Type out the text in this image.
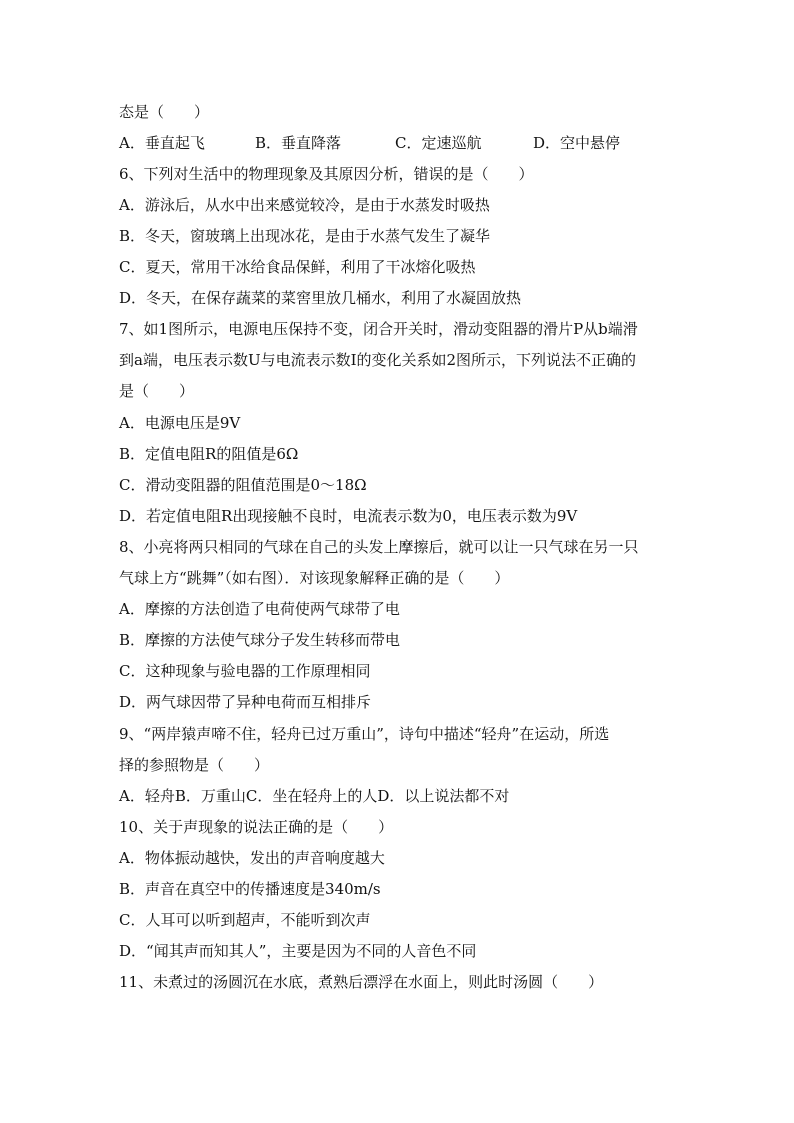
态是（　　）
A．垂直起飞	B．垂直降落	C．定速巡航	D．空中悬停
6、下列对生活中的物理现象及其原因分析，错误的是（　　）
A．游泳后，从水中出来感觉较冷，是由于水蒸发时吸热
B．冬天，窗玻璃上出现冰花，是由于水蒸气发生了凝华
C．夏天，常用干冰给食品保鲜，利用了干冰熔化吸热
D．冬天，在保存蔬菜的菜窖里放几桶水，利用了水凝固放热
7、如1图所示，电源电压保持不变，闭合开关时，滑动变阻器的滑片P从b端滑
到a端，电压表示数U与电流表示数I的变化关系如2图所示，下列说法不正确的
是（　　）
A．电源电压是9V
B．定值电阻R的阻值是6Ω
C．滑动变阻器的阻值范围是0～18Ω
D．若定值电阻R出现接触不良时，电流表示数为0，电压表示数为9V
8、小亮将两只相同的气球在自己的头发上摩擦后，就可以让一只气球在另一只
气球上方“跳舞”（如右图）．对该现象解释正确的是（　　）
A．摩擦的方法创造了电荷使两气球带了电
B．摩擦的方法使气球分子发生转移而带电
C．这种现象与验电器的工作原理相同
D．两气球因带了异种电荷而互相排斥
9、“两岸猿声啼不住，轻舟已过万重山”，诗句中描述“轻舟”在运动，所选
择的参照物是（　　）
A．轻舟B．万重山C．坐在轻舟上的人D．以上说法都不对
10、关于声现象的说法正确的是（　　）
A．物体振动越快，发出的声音响度越大
B．声音在真空中的传播速度是340m/s
C．人耳可以听到超声，不能听到次声
D．“闻其声而知其人”，主要是因为不同的人音色不同
11、未煮过的汤圆沉在水底，煮熟后漂浮在水面上，则此时汤圆（　　）
